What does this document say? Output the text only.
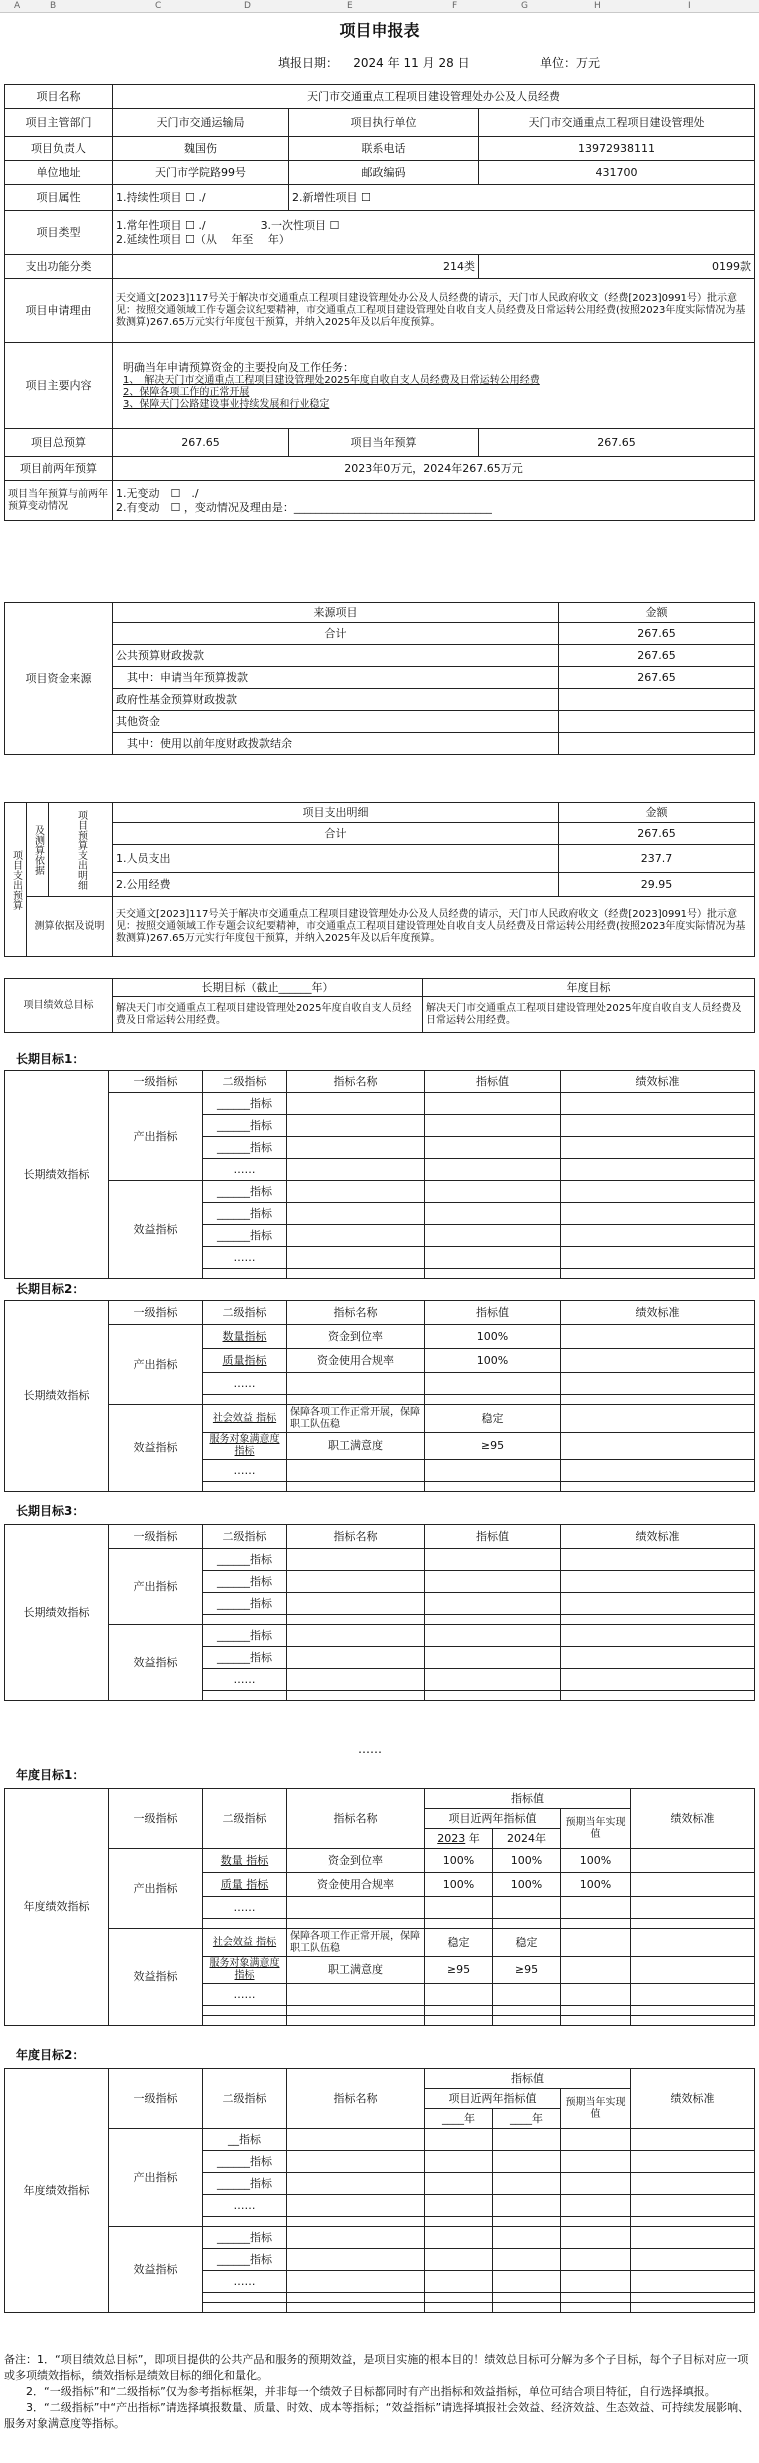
A	B	C	D	E	F	G	H	I
项目申报表
填报日期： 2024 年 11 月 28 日	单位：万元
项目名称	天门市交通重点工程项目建设管理处办公及人员经费		
项目主管部门	天门市交通运输局	项目执行单位	天门市交通重点工程项目建设管理处
项目负责人	魏国伤	联系电话	13972938111
单位地址	天门市学院路99号	邮政编码	431700
项目属性	1.持续性项目 ☐ ./	2.新增性项目 ☐	
项目类型	1.常年性项目 ☐ ./　　　　　 3.一次性项目 ☐
2.延续性项目 ☐（从　 年至　 年）		
支出功能分类	214类		0199款
项目申请理由	天交通文[2023]117号关于解决市交通重点工程项目建设管理处办公及人员经费的请示，天门市人民政府收文（经费[2023]0991号）批示意见：按照交通领域工作专题会议纪要精神，市交通重点工程项目建设管理处自收自支人员经费及日常运转公用经费(按照2023年度实际情况为基数测算)267.65万元实行年度包干预算，并纳入2025年及以后年度预算。		
项目主要内容	明确当年申请预算资金的主要投向及工作任务：
1、　解决天门市交通重点工程项目建设管理处2025年度自收自支人员经费及日常运转公用经费
2、保障各项工作的正常开展
3、保障天门公路建设事业持续发展和行业稳定		

项目总预算	267.65	项目当年预算	267.65
项目前两年预算	2023年0万元，2024年267.65万元		
项目当年预算与前两年预算变动情况	1.无变动　☐　./
2.有变动　☐ ，变动情况及理由是：____________________________________		
项目资金来源	来源项目	金额
	合计	267.65
	公共预算财政拨款	267.65
	　其中：申请当年预算拨款	267.65
	政府性基金预算财政拨款	
	其他资金	
	　其中：使用以前年度财政拨款结余	
项目支出预算	及测算依据	项目预算支出明细	项目支出明细	金额
			合计	267.65
			1.人员支出	237.7
			2.公用经费	29.95
	测算依据及说明		天交通文[2023]117号关于解决市交通重点工程项目建设管理处办公及人员经费的请示，天门市人民政府收文（经费[2023]0991号）批示意见：按照交通领域工作专题会议纪要精神，市交通重点工程项目建设管理处自收自支人员经费及日常运转公用经费(按照2023年度实际情况为基数测算)267.65万元实行年度包干预算，并纳入2025年及以后年度预算。	
项目绩效总目标	长期目标（截止______年）	年度目标
	解决天门市交通重点工程项目建设管理处2025年度自收自支人员经费及日常运转公用经费。	解决天门市交通重点工程项目建设管理处2025年度自收自支人员经费及日常运转公用经费。
长期目标1：
长期绩效指标	一级指标	二级指标	指标名称	指标值	绩效标准
	产出指标	______指标			
		______指标			
		______指标			
		……			
	效益指标	______指标			
		______指标			
		______指标			
		……			

长期目标2：
长期绩效指标	一级指标	二级指标	指标名称	指标值	绩效标准
	产出指标	数量指标	资金到位率	100%	
		质量指标	资金使用合规率	100%	
		……			

	效益指标	社会效益 指标	保障各项工作正常开展，保障职工队伍稳	稳定	
		服务对象满意度指标	职工满意度	≥95	
		……			

长期目标3：
长期绩效指标	一级指标	二级指标	指标名称	指标值	绩效标准
	产出指标	______指标			
		______指标			
		______指标			

	效益指标	______指标			
		______指标			
		……			

……
年度目标1：
年度绩效指标	一级指标	二级指标	指标名称	指标值			绩效标准
				项目近两年指标值		预期当年实现值	
				2023 年	2024年		
	产出指标	数量 指标	资金到位率	100%	100%	100%	
		质量 指标	资金使用合规率	100%	100%	100%	
		……					

	效益指标	社会效益 指标	保障各项工作正常开展，保障职工队伍稳	稳定	稳定		
		服务对象满意度指标	职工满意度	≥95	≥95		
		……					

年度目标2：
年度绩效指标	一级指标	二级指标	指标名称	指标值			绩效标准
				项目近两年指标值		预期当年实现值	
				____年	____年		
	产出指标	__指标					
		______指标					
		______指标					
		……					

	效益指标	______指标					
		______指标					
		……					

备注：1．“项目绩效总目标”，即项目提供的公共产品和服务的预期效益，是项目实施的根本目的！绩效总目标可分解为多个子目标，每个子目标对应一项或多项绩效指标，绩效指标是绩效目标的细化和量化。
　　2．“一级指标”和“二级指标”仅为参考指标框架，并非每一个绩效子目标都同时有产出指标和效益指标，单位可结合项目特征，自行选择填报。
　　3．“二级指标”中“产出指标”请选择填报数量、质量、时效、成本等指标；“效益指标”请选择填报社会效益、经济效益、生态效益、可持续发展影响、服务对象满意度等指标。
